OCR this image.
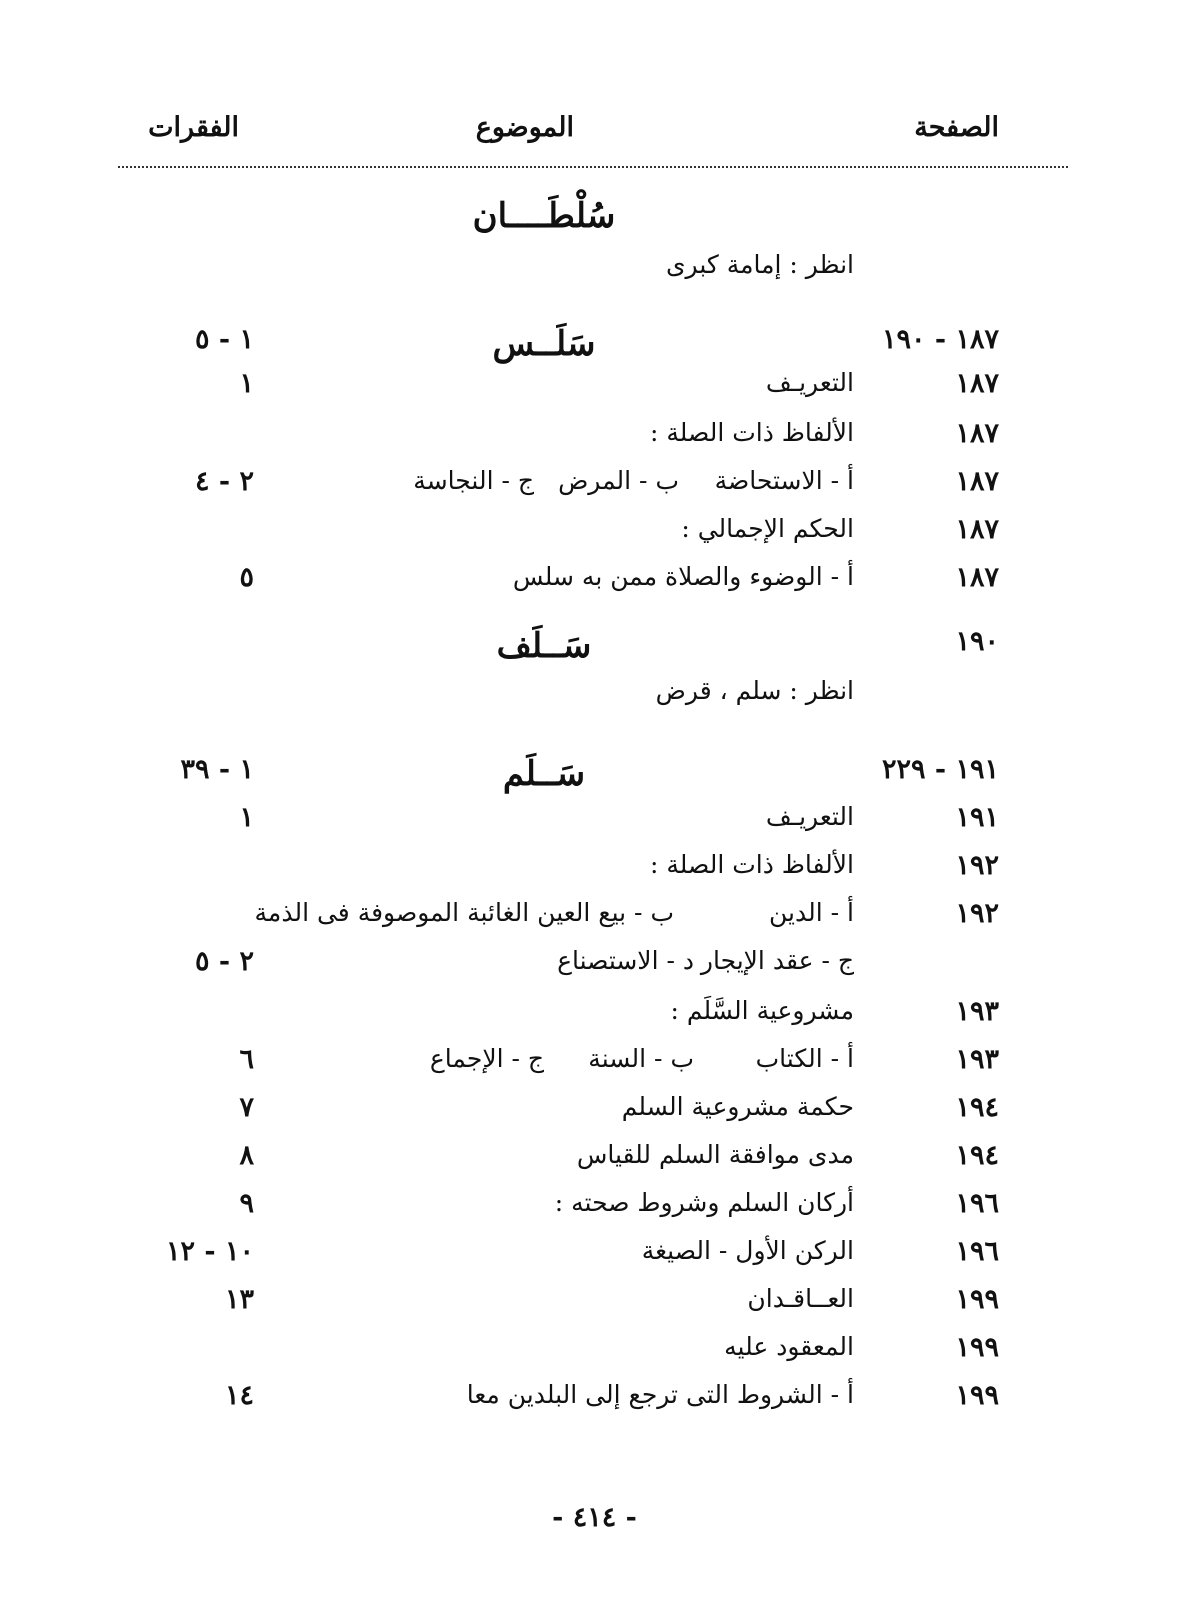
الصفحة
الموضوع
الفقرات
سُلْطَــــان
انظر : إمامة كبرى
١٨٧ - ١٩٠
سَلَــس
١ - ٥
١٨٧
التعريـف
١
١٨٧
الألفاظ ذات الصلة :
١٨٧
أ - الاستحاضة
ب - المرض
ج - النجاسة
٢ - ٤
١٨٧
الحكم الإجمالي :
١٨٧
أ - الوضوء والصلاة ممن به سلس
٥
١٩٠
سَــلَف
انظر : سلم ، قرض
١٩١ - ٢٢٩
سَــلَم
١ - ٣٩
١٩١
التعريـف
١
١٩٢
الألفاظ ذات الصلة :
١٩٢
أ - الدين
ب - بيع العين الغائبة الموصوفة فى الذمة
ج - عقد الإيجار
د - الاستصناع
٢ - ٥
١٩٣
مشروعية السَّلَم :
١٩٣
أ - الكتاب
ب - السنة
ج - الإجماع
٦
١٩٤
حكمة مشروعية السلم
٧
١٩٤
مدى موافقة السلم للقياس
٨
١٩٦
أركان السلم وشروط صحته :
٩
١٩٦
الركن الأول - الصيغة
١٠ - ١٢
١٩٩
العــاقـدان
١٣
١٩٩
المعقود عليه
١٩٩
أ - الشروط التى ترجع إلى البلدين معا
١٤
- ٤١٤ -
